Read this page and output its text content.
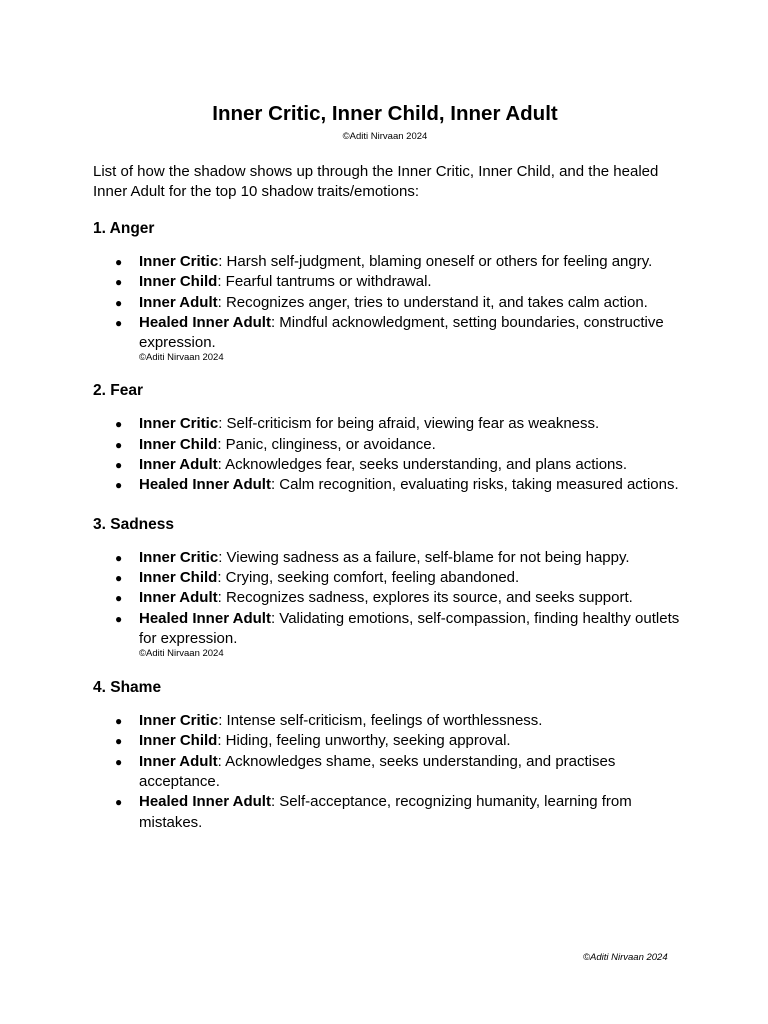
Inner Critic, Inner Child, Inner Adult
©Aditi Nirvaan 2024

List of how the shadow shows up through the Inner Critic, Inner Child, and the healed Inner Adult for the top 10 shadow traits/emotions:

1. Anger
● Inner Critic: Harsh self-judgment, blaming oneself or others for feeling angry.
● Inner Child: Fearful tantrums or withdrawal.
● Inner Adult: Recognizes anger, tries to understand it, and takes calm action.
● Healed Inner Adult: Mindful acknowledgment, setting boundaries, constructive expression.
©Aditi Nirvaan 2024
2. Fear
● Inner Critic: Self-criticism for being afraid, viewing fear as weakness.
● Inner Child: Panic, clinginess, or avoidance.
● Inner Adult: Acknowledges fear, seeks understanding, and plans actions.
● Healed Inner Adult: Calm recognition, evaluating risks, taking measured actions.
3. Sadness
● Inner Critic: Viewing sadness as a failure, self-blame for not being happy.
● Inner Child: Crying, seeking comfort, feeling abandoned.
● Inner Adult: Recognizes sadness, explores its source, and seeks support.
● Healed Inner Adult: Validating emotions, self-compassion, finding healthy outlets for expression.
©Aditi Nirvaan 2024
4. Shame
● Inner Critic: Intense self-criticism, feelings of worthlessness.
● Inner Child: Hiding, feeling unworthy, seeking approval.
● Inner Adult: Acknowledges shame, seeks understanding, and practises acceptance.
● Healed Inner Adult: Self-acceptance, recognizing humanity, learning from mistakes.
©Aditi Nirvaan 2024
